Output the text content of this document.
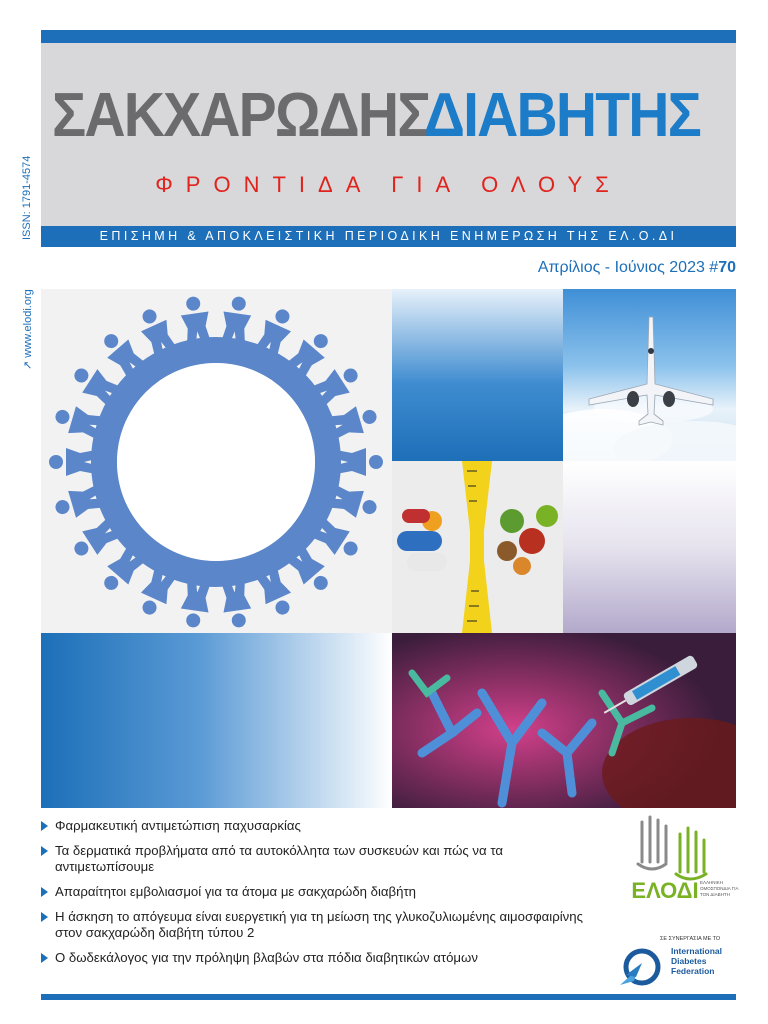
ΣΑΚΧΑΡΩΔΗΣ
ΔΙΑΒΗΤΗΣ
ΦΡΟΝΤΙΔΑ ΓΙΑ ΟΛΟΥΣ
ΕΠΙΣΗΜΗ & ΑΠΟΚΛΕΙΣΤΙΚΗ ΠΕΡΙΟΔΙΚΗ ΕΝΗΜΕΡΩΣΗ ΤΗΣ ΕΛ.Ο.ΔΙ
ISSN: 1791-4574
↗ www.elodi.org
Απρίλιος - Ιούνιος 2023 #70
Φαρμακευτική αντιμετώπιση παχυσαρκίας
Τα δερματικά προβλήματα από τα αυτοκόλλητα των συσκευών και πώς να τα αντιμετωπίσουμε
Απαραίτητοι εμβολιασμοί για τα άτομα με σακχαρώδη διαβήτη
Η άσκηση το απόγευμα είναι ευεργετική για τη μείωση της γλυκοζυλιωμένης αιμοσφαιρίνης στον σακχαρώδη διαβήτη τύπου 2
Ο δωδεκάλογος για την πρόληψη βλαβών στα πόδια διαβητικών ατόμων
ΕΛΟΔΙ ΕΛΛΗΝΙΚΗ ΟΜΟΣΠΟΝΔΙΑ ΓΙΑ ΤΟΝ ΔΙΑΒΗΤΗ
ΣΕ ΣΥΝΕΡΓΑΣΙΑ ΜΕ ΤΟ
International
Diabetes
Federation
